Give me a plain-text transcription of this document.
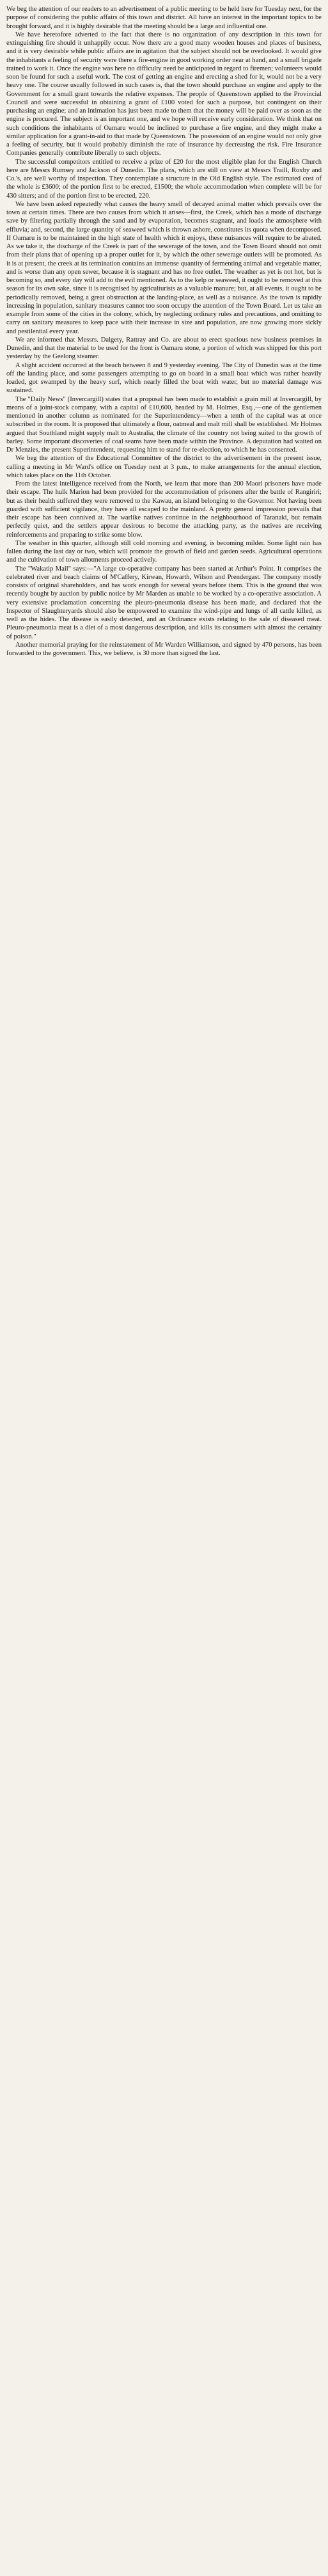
We beg the attention of our readers to an advertisement of a public meeting to be held here for Tuesday next, for the purpose of considering the public affairs of this town and district. All have an interest in the important topics to be brought forward, and it is highly desirable that the meeting should be a large and influential one.

We have heretofore adverted to the fact that there is no organization of any description in this town for extinguishing fire should it unhappily occur. Now there are a good many wooden houses and places of business, and it is very desirable while public affairs are in agitation that the subject should not be overlooked. It would give the inhabitants a feeling of security were there a fire-engine in good working order near at hand, and a small brigade trained to work it. Once the engine was here no difficulty need be anticipated in regard to firemen; volunteers would soon be found for such a useful work. The cost of getting an engine and erecting a shed for it, would not be a very heavy one. The course usually followed in such cases is, that the town should purchase an engine and apply to the Government for a small grant towards the relative expenses. The people of Queenstown applied to the Provincial Council and were successful in obtaining a grant of £100 voted for such a purpose, but contingent on their purchasing an engine; and an intimation has just been made to them that the money will be paid over as soon as the engine is procured. The subject is an important one, and we hope will receive early consideration. We think that on such conditions the inhabitants of Oamaru would be inclined to purchase a fire engine, and they might make a similar application for a grant-in-aid to that made by Queenstown. The possession of an engine would not only give a feeling of security, but it would probably diminish the rate of insurance by decreasing the risk. Fire Insurance Companies generally contribute liberally to such objects.

The successful competitors entitled to receive a prize of £20 for the most eligible plan for the English Church here are Messrs Rumsey and Jackson of Dunedin. The plans, which are still on view at Messrs Traill, Roxby and Co.'s, are well worthy of inspection. They contemplate a structure in the Old English style. The estimated cost of the whole is £3600; of the portion first to be erected, £1500; the whole accommodation when complete will be for 430 sitters; and of the portion first to be erected, 220.

We have been asked repeatedly what causes the heavy smell of decayed animal matter which prevails over the town at certain times. There are two causes from which it arises—first, the Creek, which has a mode of discharge save by filtering partially through the sand and by evaporation, becomes stagnant, and loads the atmosphere with effluvia; and, second, the large quantity of seaweed which is thrown ashore, constitutes its quota when decomposed. If Oamaru is to be maintained in the high state of health which it enjoys, these nuisances will require to be abated. As we take it, the discharge of the Creek is part of the sewerage of the town, and the Town Board should not omit from their plans that of opening up a proper outlet for it, by which the other sewerage outlets will be promoted. As it is at present, the creek at its termination contains an immense quantity of fermenting animal and vegetable matter, and is worse than any open sewer, because it is stagnant and has no free outlet. The weather as yet is not hot, but is becoming so, and every day will add to the evil mentioned. As to the kelp or seaweed, it ought to be removed at this season for its own sake, since it is recognised by agriculturists as a valuable manure; but, at all events, it ought to be periodically removed, being a great obstruction at the landing-place, as well as a nuisance. As the town is rapidly increasing in population, sanitary measures cannot too soon occupy the attention of the Town Board. Let us take an example from some of the cities in the colony, which, by neglecting ordinary rules and precautions, and omitting to carry on sanitary measures to keep pace with their increase in size and population, are now growing more sickly and pestilential every year.

We are informed that Messrs. Dalgety, Rattray and Co. are about to erect spacious new business premises in Dunedin, and that the material to be used for the front is Oamaru stone, a portion of which was shipped for this port yesterday by the Geelong steamer.

A slight accident occurred at the beach between 8 and 9 yesterday evening. The City of Dunedin was at the time off the landing place, and some passengers attempting to go on board in a small boat which was rather heavily loaded, got swamped by the heavy surf, which nearly filled the boat with water, but no material damage was sustained.

The "Daily News" (Invercargill) states that a proposal has been made to establish a grain mill at Invercargill, by means of a joint-stock company, with a capital of £10,600, headed by M. Holmes, Esq.,—one of the gentlemen mentioned in another column as nominated for the Superintendency—when a tenth of the capital was at once subscribed in the room. It is proposed that ultimately a flour, oatmeal and malt mill shall be established. Mr Holmes argued that Southland might supply malt to Australia, the climate of the country not being suited to the growth of barley. Some important discoveries of coal seams have been made within the Province. A deputation had waited on Dr Menzies, the present Superintendent, requesting him to stand for re-election, to which he has consented.

We beg the attention of the Educational Committee of the district to the advertisement in the present issue, calling a meeting in Mr Ward's office on Tuesday next at 3 p.m., to make arrangements for the annual election, which takes place on the 11th October.

From the latest intelligence received from the North, we learn that more than 200 Maori prisoners have made their escape. The hulk Marion had been provided for the accommodation of prisoners after the battle of Rangiriri; but as their health suffered they were removed to the Kawau, an island belonging to the Governor. Not having been guarded with sufficient vigilance, they have all escaped to the mainland. A pretty general impression prevails that their escape has been connived at. The warlike natives continue in the neighbourhood of Taranaki, but remain perfectly quiet, and the settlers appear desirous to become the attacking party, as the natives are receiving reinforcements and preparing to strike some blow.

The weather in this quarter, although still cold morning and evening, is becoming milder. Some light rain has fallen during the last day or two, which will promote the growth of field and garden seeds. Agricultural operations and the cultivation of town allotments proceed actively.

The "Wakatip Mail" says:—"A large co-operative company has been started at Arthur's Point. It comprises the celebrated river and beach claims of M'Caffery, Kirwan, Howarth, Wilson and Prendergast. The company mostly consists of original shareholders, and has work enough for several years before them. This is the ground that was recently bought by auction by public notice by Mr Marden as unable to be worked by a co-operative association. A very extensive proclamation concerning the pleuro-pneumonia disease has been made, and declared that the Inspector of Slaughteryards should also be empowered to examine the wind-pipe and lungs of all cattle killed, as well as the hides. The disease is easily detected, and an Ordinance exists relating to the sale of diseased meat. Pleuro-pneumonia meat is a diet of a most dangerous description, and kills its consumers with almost the certainty of poison."

Another memorial praying for the reinstatement of Mr Warden Williamson, and signed by 470 persons, has been forwarded to the government. This, we believe, is 30 more than signed the last.
